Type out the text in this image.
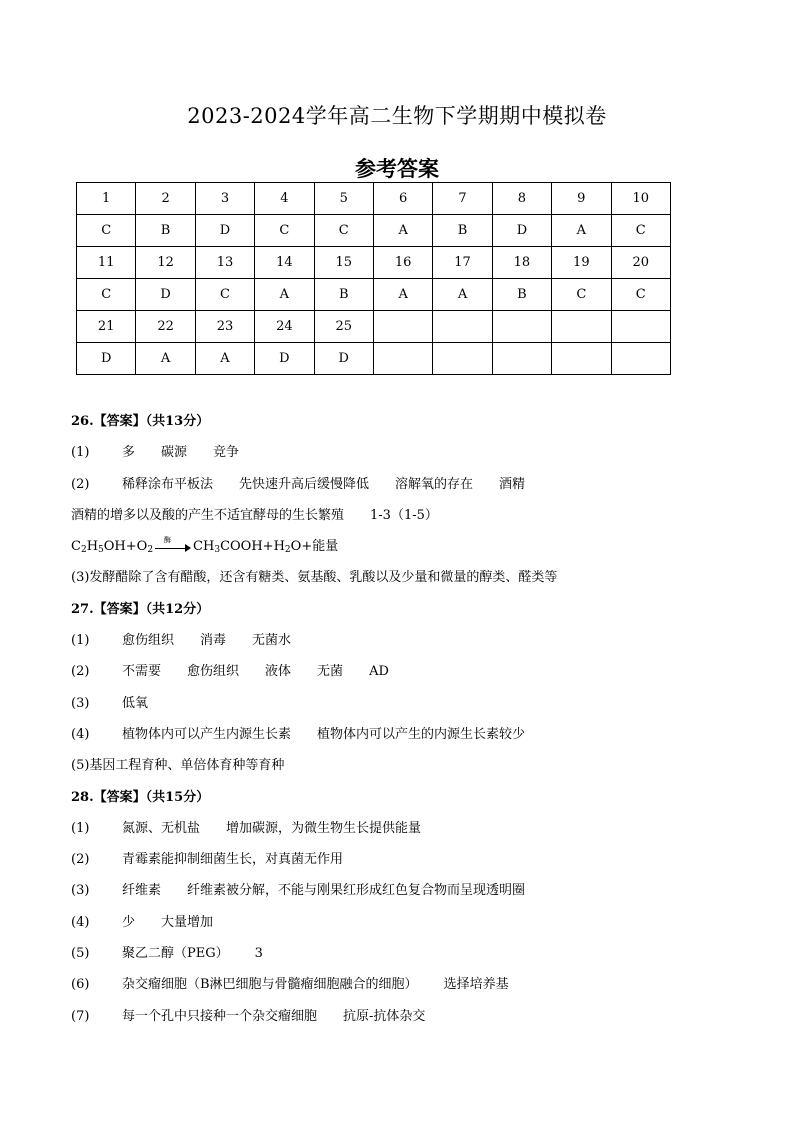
2023-2024学年高二生物下学期期中模拟卷
参考答案
1	2	3	4	5	6	7	8	9	10
C	B	D	C	C	A	B	D	A	C
11	12	13	14	15	16	17	18	19	20
C	D	C	A	B	A	A	B	C	C
21	22	23	24	25					
D	A	A	D	D					
26.【答案】（共13分）
(1)	多 碳源 竞争
(2)	稀释涂布平板法 先快速升高后缓慢降低 溶解氧的存在 酒精
酒精的增多以及酸的产生不适宜酵母的生长繁殖 1-3（1-5）
$C_2H_5OH+O_2$
酶 $CH_3COOH+H_2O+$能量
(3)发酵醋除了含有醋酸，还含有糖类、氨基酸、乳酸以及少量和微量的醇类、醛类等
27.【答案】（共12分）
(1)	愈伤组织 消毒 无菌水
(2)	不需要 愈伤组织 液体 无菌 AD
(3)	低氧
(4)	植物体内可以产生内源生长素 植物体内可以产生的内源生长素较少
(5)基因工程育种、单倍体育种等育种
28.【答案】（共15分）
(1)	氮源、无机盐 增加碳源，为微生物生长提供能量
(2)	青霉素能抑制细菌生长，对真菌无作用
(3)	纤维素 纤维素被分解，不能与刚果红形成红色复合物而呈现透明圈
(4)	少 大量增加
(5)	聚乙二醇（PEG） 3
(6)	杂交瘤细胞（B淋巴细胞与骨髓瘤细胞融合的细胞） 选择培养基
(7)	每一个孔中只接种一个杂交瘤细胞 抗原-抗体杂交
